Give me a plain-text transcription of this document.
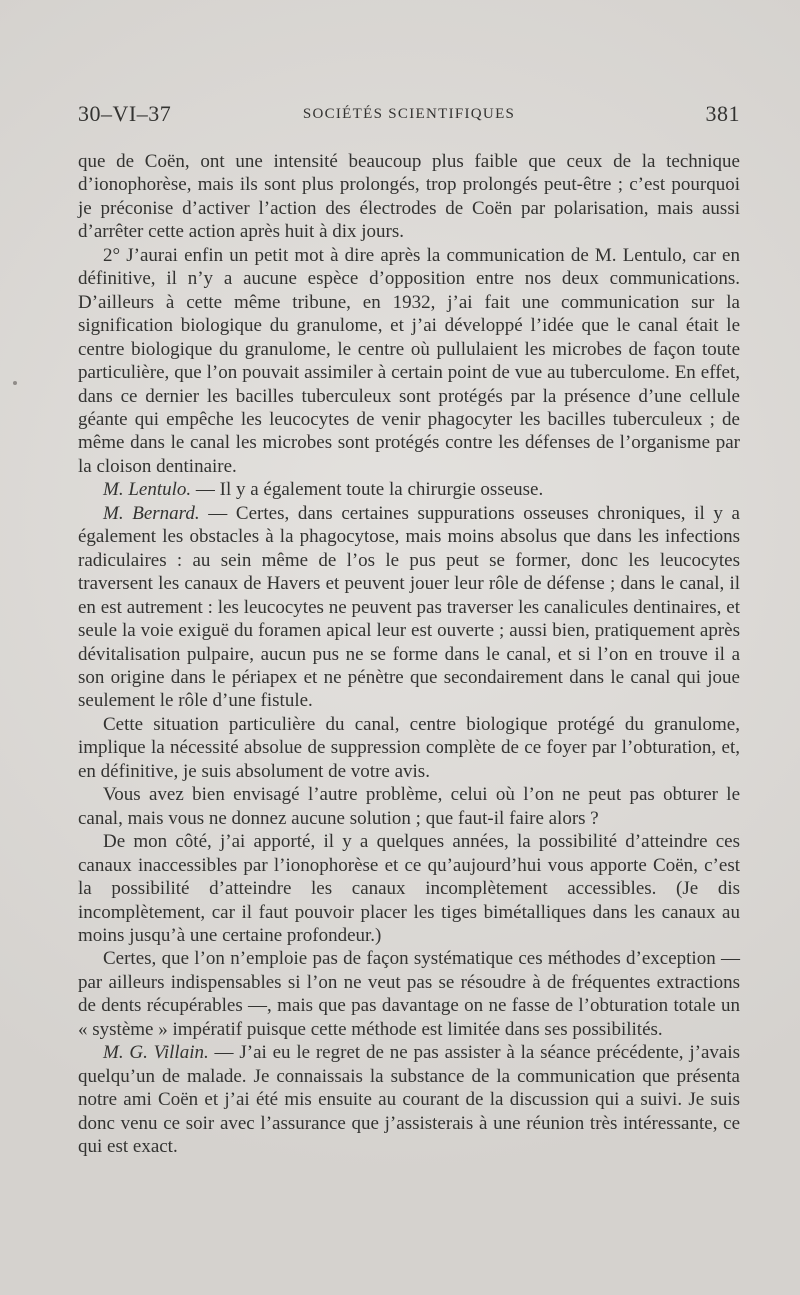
30–VI–37	SOCIÉTÉS SCIENTIFIQUES	381

que de Coën, ont une intensité beaucoup plus faible que ceux de la technique d’ionophorèse, mais ils sont plus prolongés, trop prolongés peut-être ; c’est pourquoi je préconise d’activer l’action des électrodes de Coën par polarisation, mais aussi d’arrêter cette action après huit à dix jours.

2° J’aurai enfin un petit mot à dire après la communication de M. Lentulo, car en définitive, il n’y a aucune espèce d’opposition entre nos deux communications. D’ailleurs à cette même tribune, en 1932, j’ai fait une communication sur la signification biologique du granulome, et j’ai développé l’idée que le canal était le centre biologique du granulome, le centre où pullulaient les microbes de façon toute particulière, que l’on pouvait assimiler à certain point de vue au tuberculome. En effet, dans ce dernier les bacilles tuberculeux sont protégés par la présence d’une cellule géante qui empêche les leucocytes de venir phagocyter les bacilles tuberculeux ; de même dans le canal les microbes sont protégés contre les défenses de l’organisme par la cloison dentinaire.

M. Lentulo. — Il y a également toute la chirurgie osseuse.

M. Bernard. — Certes, dans certaines suppurations osseuses chroniques, il y a également les obstacles à la phagocytose, mais moins absolus que dans les infections radiculaires : au sein même de l’os le pus peut se former, donc les leucocytes traversent les canaux de Havers et peuvent jouer leur rôle de défense ; dans le canal, il en est autrement : les leucocytes ne peuvent pas traverser les canalicules dentinaires, et seule la voie exiguë du foramen apical leur est ouverte ; aussi bien, pratiquement après dévitalisation pulpaire, aucun pus ne se forme dans le canal, et si l’on en trouve il a son origine dans le périapex et ne pénètre que secondairement dans le canal qui joue seulement le rôle d’une fistule.

Cette situation particulière du canal, centre biologique protégé du granulome, implique la nécessité absolue de suppression complète de ce foyer par l’obturation, et, en définitive, je suis absolument de votre avis.

Vous avez bien envisagé l’autre problème, celui où l’on ne peut pas obturer le canal, mais vous ne donnez aucune solution ; que faut-il faire alors ?

De mon côté, j’ai apporté, il y a quelques années, la possibilité d’atteindre ces canaux inaccessibles par l’ionophorèse et ce qu’aujourd’hui vous apporte Coën, c’est la possibilité d’atteindre les canaux incomplètement accessibles. (Je dis incomplètement, car il faut pouvoir placer les tiges bimétalliques dans les canaux au moins jusqu’à une certaine profondeur.)

Certes, que l’on n’emploie pas de façon systématique ces méthodes d’exception — par ailleurs indispensables si l’on ne veut pas se résoudre à de fréquentes extractions de dents récupérables —, mais que pas davantage on ne fasse de l’obturation totale un « système » impératif puisque cette méthode est limitée dans ses possibilités.

M. G. Villain. — J’ai eu le regret de ne pas assister à la séance précédente, j’avais quelqu’un de malade. Je connaissais la substance de la communication que présenta notre ami Coën et j’ai été mis ensuite au courant de la discussion qui a suivi. Je suis donc venu ce soir avec l’assurance que j’assisterais à une réunion très intéressante, ce qui est exact.
